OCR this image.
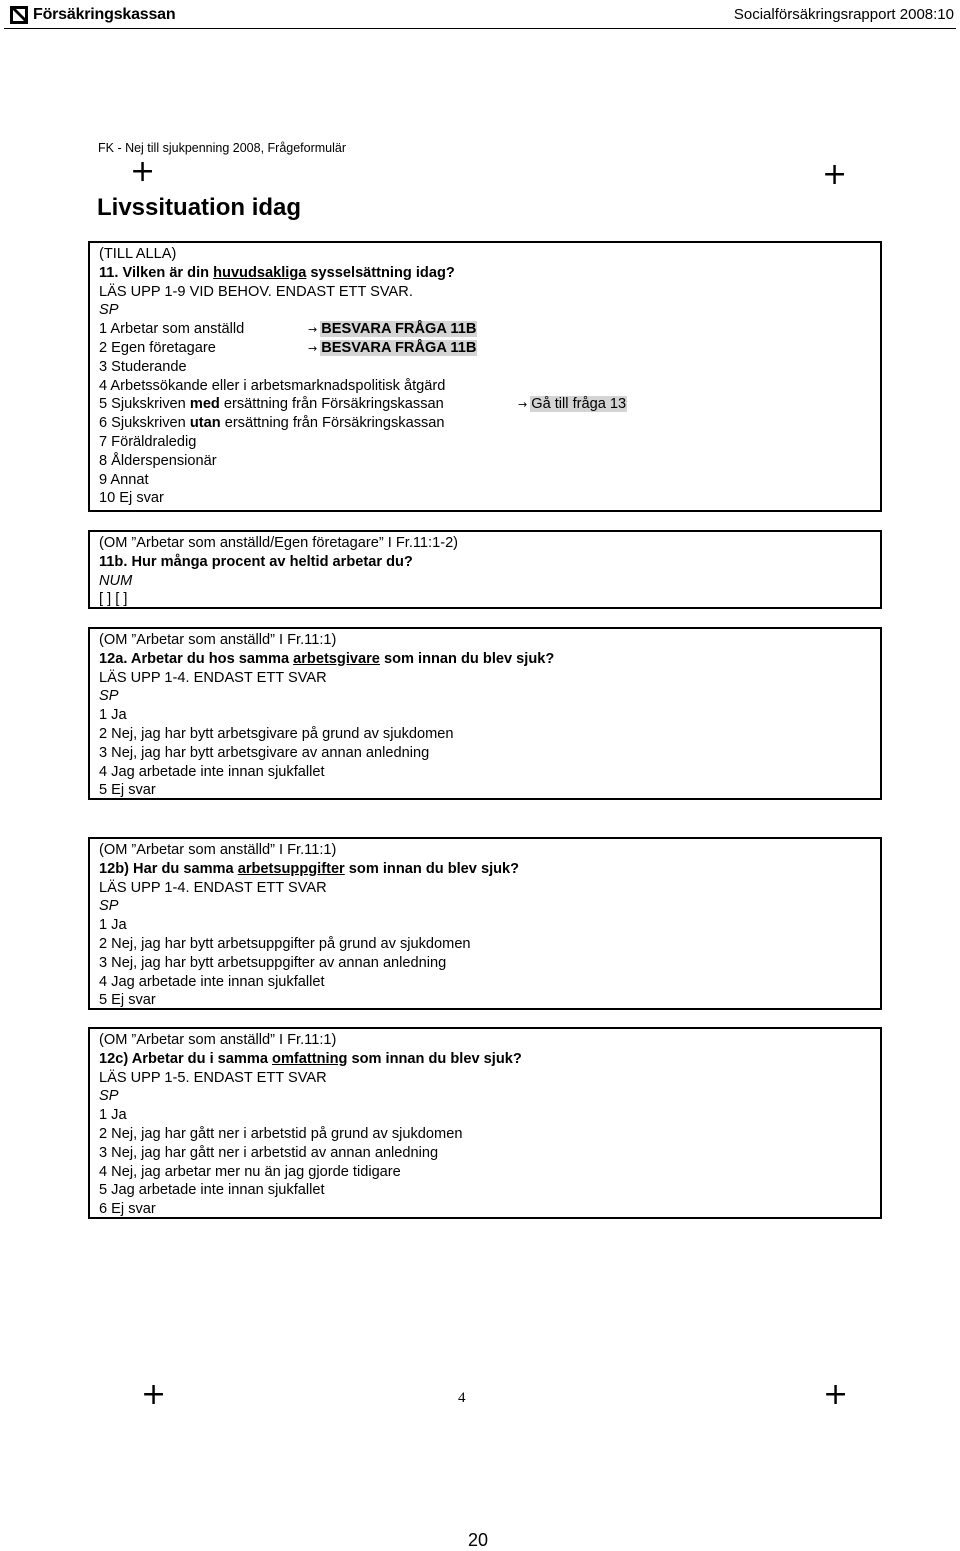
Försäkringskassan	Socialförsäkringsrapport 2008:10
FK - Nej till sjukpenning 2008, Frågeformulär
+	+
Livssituation idag
(TILL ALLA)
11. Vilken är din huvudsakliga sysselsättning idag?
LÄS UPP 1-9 VID BEHOV. ENDAST ETT SVAR.
SP
1 Arbetar som anställd	→ BESVARA FRÅGA 11B
2 Egen företagare	→ BESVARA FRÅGA 11B
3 Studerande
4 Arbetssökande eller i arbetsmarknadspolitisk åtgärd
5 Sjukskriven med ersättning från Försäkringskassan	→ Gå till fråga 13
6 Sjukskriven utan ersättning från Försäkringskassan
7 Föräldraledig
8 Ålderspensionär
9 Annat
10 Ej svar
(OM ”Arbetar som anställd/Egen företagare” I Fr.11:1-2)
11b. Hur många procent av heltid arbetar du?
NUM
[ ] [ ]
(OM ”Arbetar som anställd” I Fr.11:1)
12a. Arbetar du hos samma arbetsgivare som innan du blev sjuk?
LÄS UPP 1-4. ENDAST ETT SVAR
SP
1 Ja
2 Nej, jag har bytt arbetsgivare på grund av sjukdomen
3 Nej, jag har bytt arbetsgivare av annan anledning
4 Jag arbetade inte innan sjukfallet
5 Ej svar
(OM ”Arbetar som anställd” I Fr.11:1)
12b) Har du samma arbetsuppgifter som innan du blev sjuk?
LÄS UPP 1-4. ENDAST ETT SVAR
SP
1 Ja
2 Nej, jag har bytt arbetsuppgifter på grund av sjukdomen
3 Nej, jag har bytt arbetsuppgifter av annan anledning
4 Jag arbetade inte innan sjukfallet
5 Ej svar
(OM ”Arbetar som anställd” I Fr.11:1)
12c) Arbetar du i samma omfattning som innan du blev sjuk?
LÄS UPP 1-5. ENDAST ETT SVAR
SP
1 Ja
2 Nej, jag har gått ner i arbetstid på grund av sjukdomen
3 Nej, jag har gått ner i arbetstid av annan anledning
4 Nej, jag arbetar mer nu än jag gjorde tidigare
5 Jag arbetade inte innan sjukfallet
6 Ej svar
+	+
4
20
